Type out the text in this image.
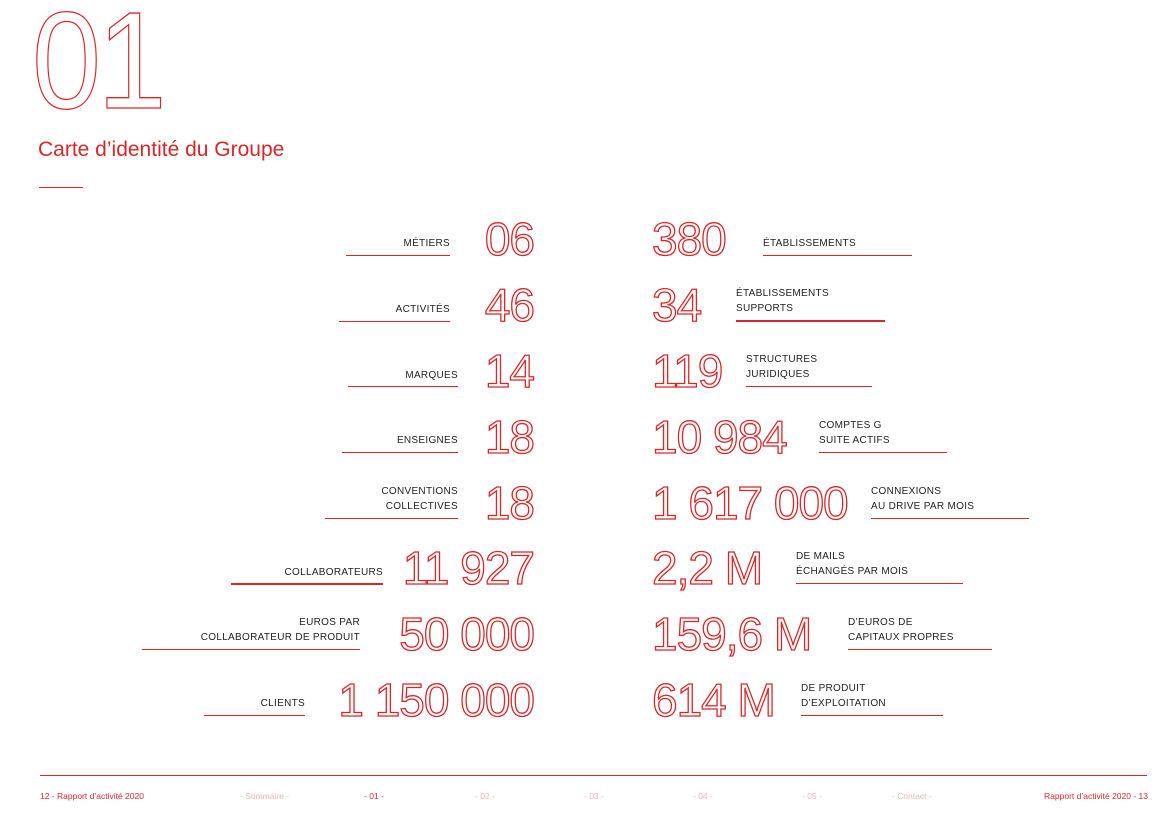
01
Carte d’identité du Groupe
MÉTIERS 06
ACTIVITÉS 46
MARQUES 14
ENSEIGNES 18
CONVENTIONS
COLLECTIVES 18
COLLABORATEURS 11 927
EUROS PAR
COLLABORATEUR DE PRODUIT 50 000
CLIENTS 1 150 000
380	ÉTABLISSEMENTS
34	ÉTABLISSEMENTS
SUPPORTS
119 STRUCTURES
JURIDIQUES
10 984	COMPTES G
SUITE ACTIFS
1 617 000 CONNEXIONS
AU DRIVE PAR MOIS
2,2 M	DE MAILS
ÉCHANGÉS PAR MOIS
159,6 M	D’EUROS DE
CAPITAUX PROPRES
614 M	DE PRODUIT
D’EXPLOITATION
12 - Rapport d’activité 2020	- Sommaire -	- 01 -	- 02 -	- 03 -	- 04 -	- 05 -	- Contact -	Rapport d’activité 2020 - 13
